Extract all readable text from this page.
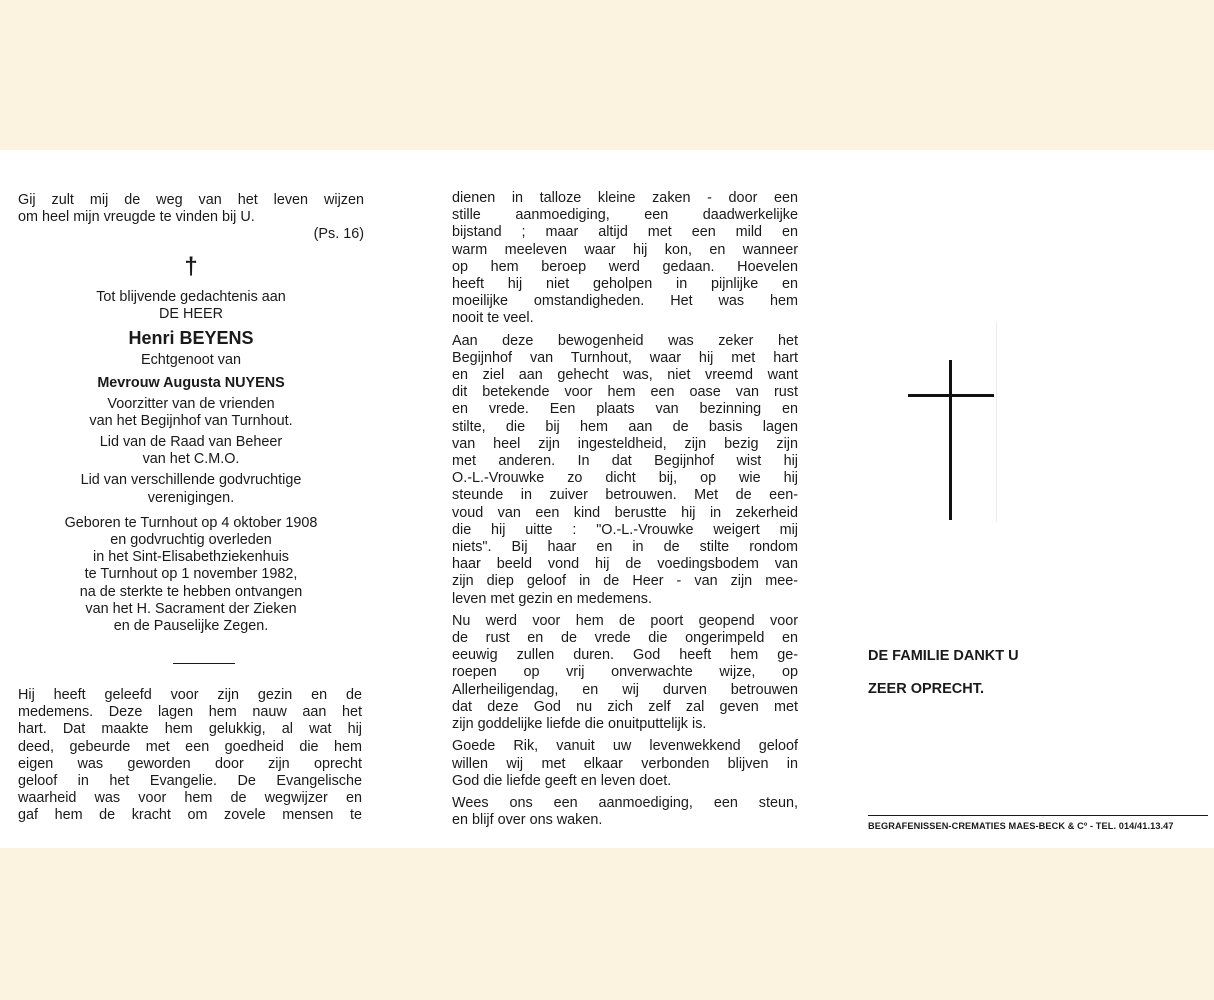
Gij zult mij de weg van het leven wijzen
om heel mijn vreugde te vinden bij U.
(Ps. 16)
†
Tot blijvende gedachtenis aan
DE HEER
Henri BEYENS
Echtgenoot van
Mevrouw Augusta NUYENS
Voorzitter van de vrienden
van het Begijnhof van Turnhout.
Lid van de Raad van Beheer
van het C.M.O.
Lid van verschillende godvruchtige
verenigingen.
Geboren te Turnhout op 4 oktober 1908
en godvruchtig overleden
in het Sint-Elisabethziekenhuis
te Turnhout op 1 november 1982,
na de sterkte te hebben ontvangen
van het H. Sacrament der Zieken
en de Pauselijke Zegen.
Hij heeft geleefd voor zijn gezin en de
medemens. Deze lagen hem nauw aan het
hart. Dat maakte hem gelukkig, al wat hij
deed, gebeurde met een goedheid die hem
eigen was geworden door zijn oprecht
geloof in het Evangelie. De Evangelische
waarheid was voor hem de wegwijzer en
gaf hem de kracht om zovele mensen te
dienen in talloze kleine zaken - door een
stille aanmoediging, een daadwerkelijke
bijstand ; maar altijd met een mild en
warm meeleven waar hij kon, en wanneer
op hem beroep werd gedaan. Hoevelen
heeft hij niet geholpen in pijnlijke en
moeilijke omstandigheden. Het was hem
nooit te veel.
Aan deze bewogenheid was zeker het
Begijnhof van Turnhout, waar hij met hart
en ziel aan gehecht was, niet vreemd want
dit betekende voor hem een oase van rust
en vrede. Een plaats van bezinning en
stilte, die bij hem aan de basis lagen
van heel zijn ingesteldheid, zijn bezig zijn
met anderen. In dat Begijnhof wist hij
O.-L.-Vrouwke zo dicht bij, op wie hij
steunde in zuiver betrouwen. Met de een-
voud van een kind berustte hij in zekerheid
die hij uitte : "O.-L.-Vrouwke weigert mij
niets". Bij haar en in de stilte rondom
haar beeld vond hij de voedingsbodem van
zijn diep geloof in de Heer - van zijn mee-
leven met gezin en medemens.
Nu werd voor hem de poort geopend voor
de rust en de vrede die ongerimpeld en
eeuwig zullen duren. God heeft hem ge-
roepen op vrij onverwachte wijze, op
Allerheiligendag, en wij durven betrouwen
dat deze God nu zich zelf zal geven met
zijn goddelijke liefde die onuitputtelijk is.
Goede Rik, vanuit uw levenwekkend geloof
willen wij met elkaar verbonden blijven in
God die liefde geeft en leven doet.
Wees ons een aanmoediging, een steun,
en blijf over ons waken.
DE FAMILIE DANKT U
ZEER OPRECHT.
BEGRAFENISSEN-CREMATIES MAES-BECK & Cº - TEL. 014/41.13.47
